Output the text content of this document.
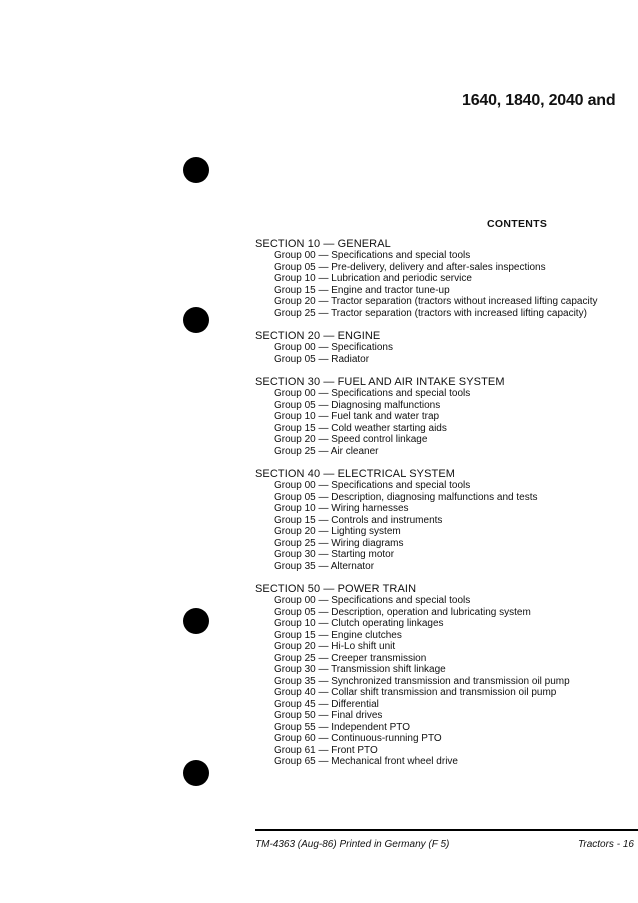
1640, 1840, 2040 and
CONTENTS
SECTION 10 — GENERAL
Group 00 — Specifications and special tools
Group 05 — Pre-delivery, delivery and after-sales inspections
Group 10 — Lubrication and periodic service
Group 15 — Engine and tractor tune-up
Group 20 — Tractor separation (tractors without increased lifting capacity
Group 25 — Tractor separation (tractors with increased lifting capacity)
SECTION 20 — ENGINE
Group 00 — Specifications
Group 05 — Radiator
SECTION 30 — FUEL AND AIR INTAKE SYSTEM
Group 00 — Specifications and special tools
Group 05 — Diagnosing malfunctions
Group 10 — Fuel tank and water trap
Group 15 — Cold weather starting aids
Group 20 — Speed control linkage
Group 25 — Air cleaner
SECTION 40 — ELECTRICAL SYSTEM
Group 00 — Specifications and special tools
Group 05 — Description, diagnosing malfunctions and tests
Group 10 — Wiring harnesses
Group 15 — Controls and instruments
Group 20 — Lighting system
Group 25 — Wiring diagrams
Group 30 — Starting motor
Group 35 — Alternator
SECTION 50 — POWER TRAIN
Group 00 — Specifications and special tools
Group 05 — Description, operation and lubricating system
Group 10 — Clutch operating linkages
Group 15 — Engine clutches
Group 20 — Hi-Lo shift unit
Group 25 — Creeper transmission
Group 30 — Transmission shift linkage
Group 35 — Synchronized transmission and transmission oil pump
Group 40 — Collar shift transmission and transmission oil pump
Group 45 — Differential
Group 50 — Final drives
Group 55 — Independent PTO
Group 60 — Continuous-running PTO
Group 61 — Front PTO
Group 65 — Mechanical front wheel drive
TM-4363 (Aug-86) Printed in Germany (F 5)	Tractors - 16
